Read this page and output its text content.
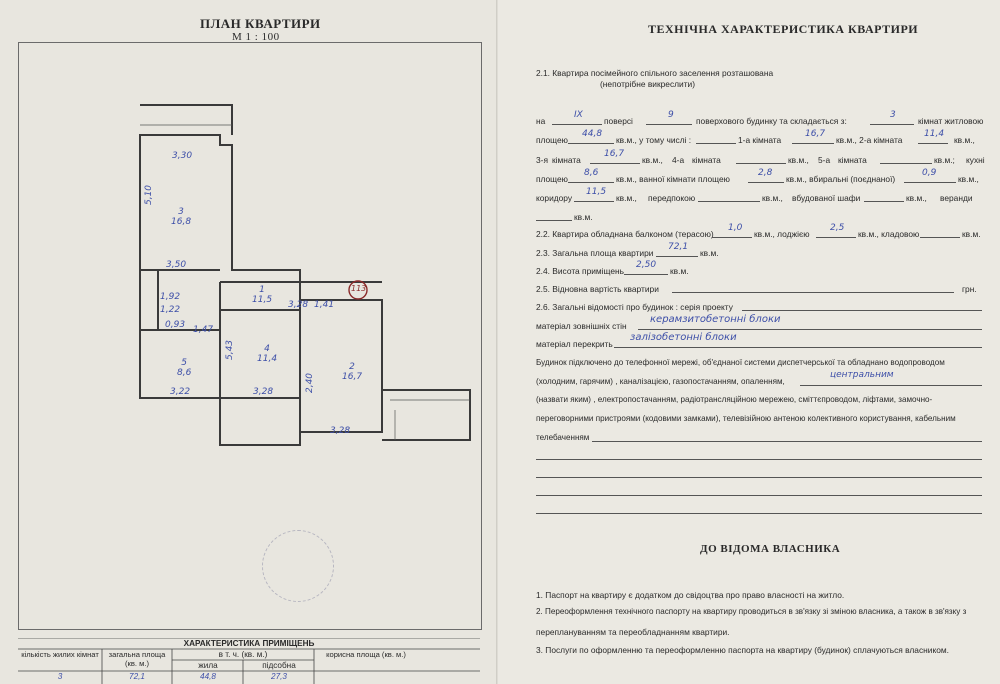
ПЛАН КВАРТИРИ
М 1 : 100
3
16,8
4
11,4
2
16,7
5
8,6
1
11,5
3,30
5,10
3,50
3,22	3,28
3,28
3,28 1,41
1,47
1,92
5,43
1,22
0,93
2,40
113
ХАРАКТЕРИСТИКА ПРИМІЩЕНЬ
кількість жилих кімнат	загальна площа (кв. м.)
в т. ч. (кв. м.)
жила	підсобна
корисна площа (кв. м.)
3	72,1	44,8	27,3
ТЕХНІЧНА ХАРАКТЕРИСТИКА КВАРТИРИ
2.1. Квартира посімейного спільного заселення розташована
(непотрібне викреслити)
на
IX
поверсі
9
поверхового будинку та складається з:
3
кімнат житловою
площею
44,8
кв.м., у тому числі :	1-а кімната
16,7
кв.м., 2-а кімната
11,4
кв.м.,
3-я кімната
16,7
кв.м., 4-а кімната	кв.м., 5-а кімната	кв.м.; кухні
площею
8,6
кв.м., ванної кімнати площею
2,8
кв.м., вбиральні (поєднаної)
0,9
кв.м.,
коридору
11,5
кв.м., передпокою	кв.м., вбудованої шафи	кв.м., веранди
кв.м.
2.2. Квартира обладнана балконом (терасою)
1,0
кв.м., лоджією
2,5
кв.м., кладовою	кв.м.
2.3. Загальна площа квартири
72,1
кв.м.
2.4. Висота приміщень
2,50
кв.м.
2.5. Відновна вартість квартири	грн.
2.6. Загальні відомості про будинок : серія проекту
матеріал зовнішніх стін
керамзитобетонні блоки
матеріал перекрить
залізобетонні блоки
Будинок підключено до телефонної мережі, об'єднаної системи диспетчерської та обладнано водопроводом
(холодним, гарячим) , каналізацією, газопостачанням, опаленням,
центральним
(назвати яким) , електропостачанням, радіотрансляційною мережею, сміттєпроводом, ліфтами, замочно-
переговорними пристроями (кодовими замками), телевізійною антеною колективного користування, кабельним
телебаченням
ДО ВІДОМА ВЛАСНИКА
1. Паспорт на квартиру є додатком до свідоцтва про право власності на житло.
2. Переоформлення технічного паспорту на квартиру проводиться в зв'язку зі зміною власника, а також в зв'язку з
переплануванням та переобладнанням квартири.
3. Послуги по оформленню та переоформленню паспорта на квартиру (будинок) сплачуються власником.
